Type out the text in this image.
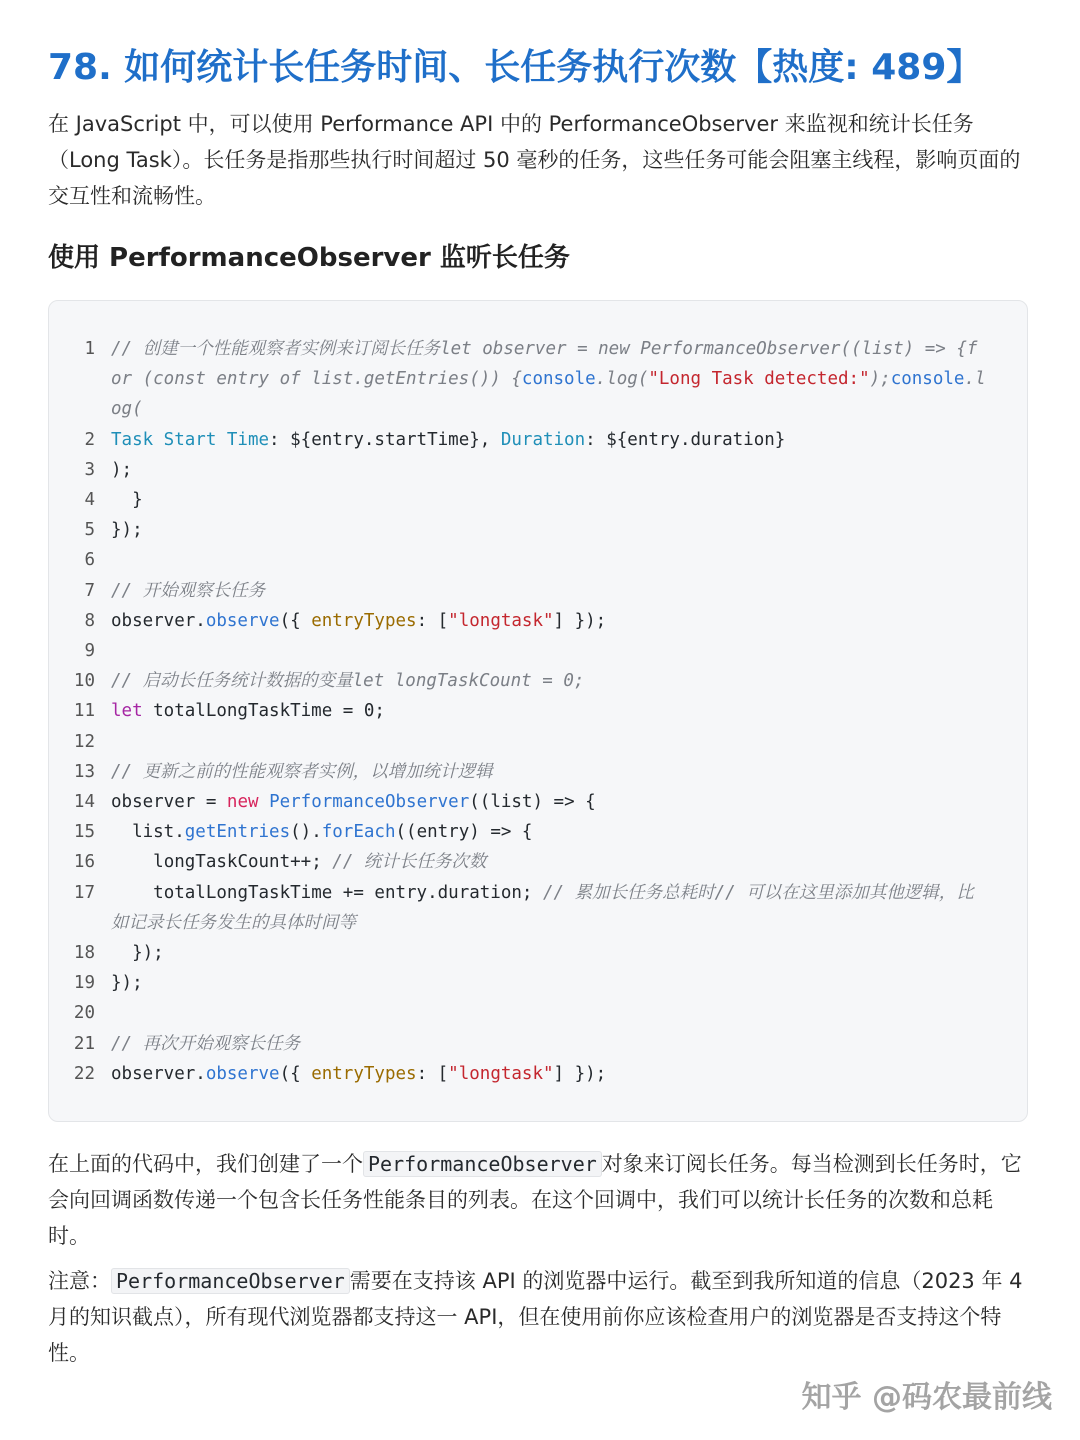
78. 如何统计长任务时间、长任务执行次数【热度: 489】

在 JavaScript 中，可以使用 Performance API 中的 PerformanceObserver 来监视和统计长任务（Long Task）。长任务是指那些执行时间超过 50 毫秒的任务，这些任务可能会阻塞主线程，影响页面的交互性和流畅性。

使用 PerformanceObserver 监听长任务
1 // 创建一个性能观察者实例来订阅长任务let observer = new PerformanceObserver((list) => {for (const entry of list.getEntries()) {console.log("Long Task detected:");console.log(
2 Task Start Time: ${entry.startTime}, Duration: ${entry.duration}
3 );
4 }
5 });
6

7 // 开始观察长任务
8 observer.observe({ entryTypes: ["longtask"] });
9

10 // 启动长任务统计数据的变量let longTaskCount = 0;
11 let totalLongTaskTime = 0;
12

13 // 更新之前的性能观察者实例，以增加统计逻辑
14 observer = new PerformanceObserver((list) => {
15 list.getEntries().forEach((entry) => {
16 longTaskCount++; // 统计长任务次数
17 totalLongTaskTime += entry.duration; // 累加长任务总耗时// 可以在这里添加其他逻辑，比如记录长任务发生的具体时间等
18 });
19 });
20

21 // 再次开始观察长任务
22 observer.observe({ entryTypes: ["longtask"] });

在上面的代码中，我们创建了一个 PerformanceObserver 对象来订阅长任务。每当检测到长任务时，它会向回调函数传递一个包含长任务性能条目的列表。在这个回调中，我们可以统计长任务的次数和总耗时。

注意： PerformanceObserver 需要在支持该 API 的浏览器中运行。截至到我所知道的信息（2023 年 4 月的知识截点），所有现代浏览器都支持这一 API，但在使用前你应该检查用户的浏览器是否支持这个特性。

知乎 @码农最前线
